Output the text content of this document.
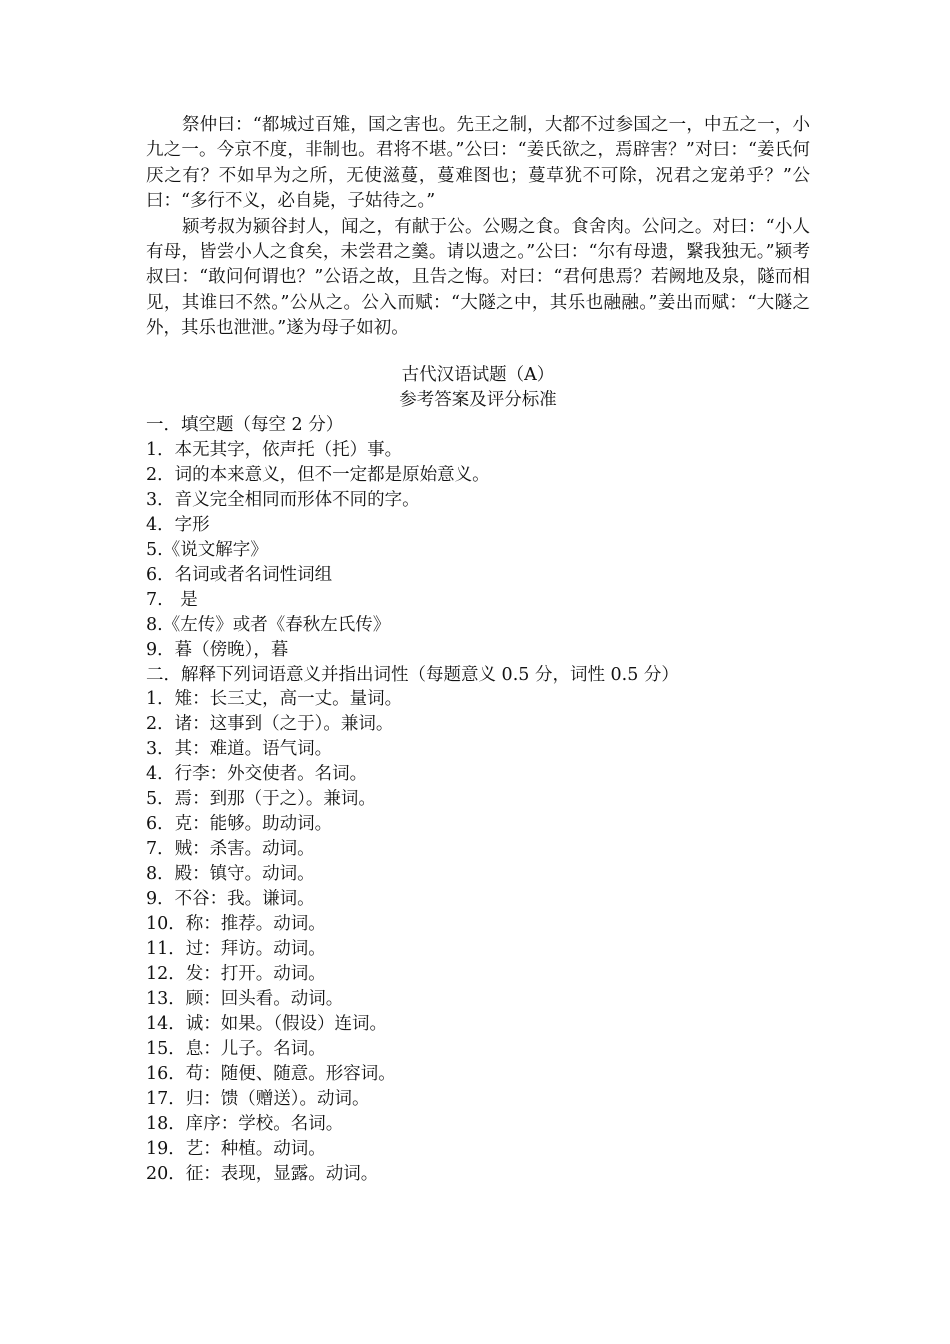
祭仲曰：“都城过百雉，国之害也。先王之制，大都不过参国之一，中五之一，小九之一。今京不度，非制也。君将不堪。”公曰：“姜氏欲之，焉辟害？”对曰：“姜氏何厌之有？不如早为之所，无使滋蔓，蔓难图也；蔓草犹不可除，况君之宠弟乎？”公曰：“多行不义，必自毙，子姑待之。”

颍考叔为颍谷封人，闻之，有献于公。公赐之食。食舍肉。公问之。对曰：“小人有母，皆尝小人之食矣，未尝君之羹。请以遗之。”公曰：“尔有母遗，繄我独无。”颍考叔曰：“敢问何谓也？”公语之故，且告之悔。对曰：“君何患焉？若阙地及泉，隧而相见，其谁曰不然。”公从之。公入而赋：“大隧之中，其乐也融融。”姜出而赋：“大隧之外，其乐也泄泄。”遂为母子如初。

古代汉语试题（A）
参考答案及评分标准
一．填空题（每空 2 分）
1．本无其字，依声托（托）事。
2．词的本来意义，但不一定都是原始意义。
3．音义完全相同而形体不同的字。
4．字形
5.《说文解字》
6．名词或者名词性词组
7.　是
8.《左传》或者《春秋左氏传》
9．暮（傍晚），暮
二．解释下列词语意义并指出词性（每题意义 0.5 分，词性 0.5 分）
1．雉：长三丈，高一丈。量词。
2．诸：这事到（之于）。兼词。
3．其：难道。语气词。
4．行李：外交使者。名词。
5．焉：到那（于之）。兼词。
6．克：能够。助动词。
7．贼：杀害。动词。
8．殿：镇守。动词。
9．不谷：我。谦词。
10．称：推荐。动词。
11．过：拜访。动词。
12．发：打开。动词。
13．顾：回头看。动词。
14．诚：如果。（假设）连词。
15．息：儿子。名词。
16．苟：随便、随意。形容词。
17．归：馈（赠送）。动词。
18．庠序：学校。名词。
19．艺：种植。动词。
20．征：表现，显露。动词。
